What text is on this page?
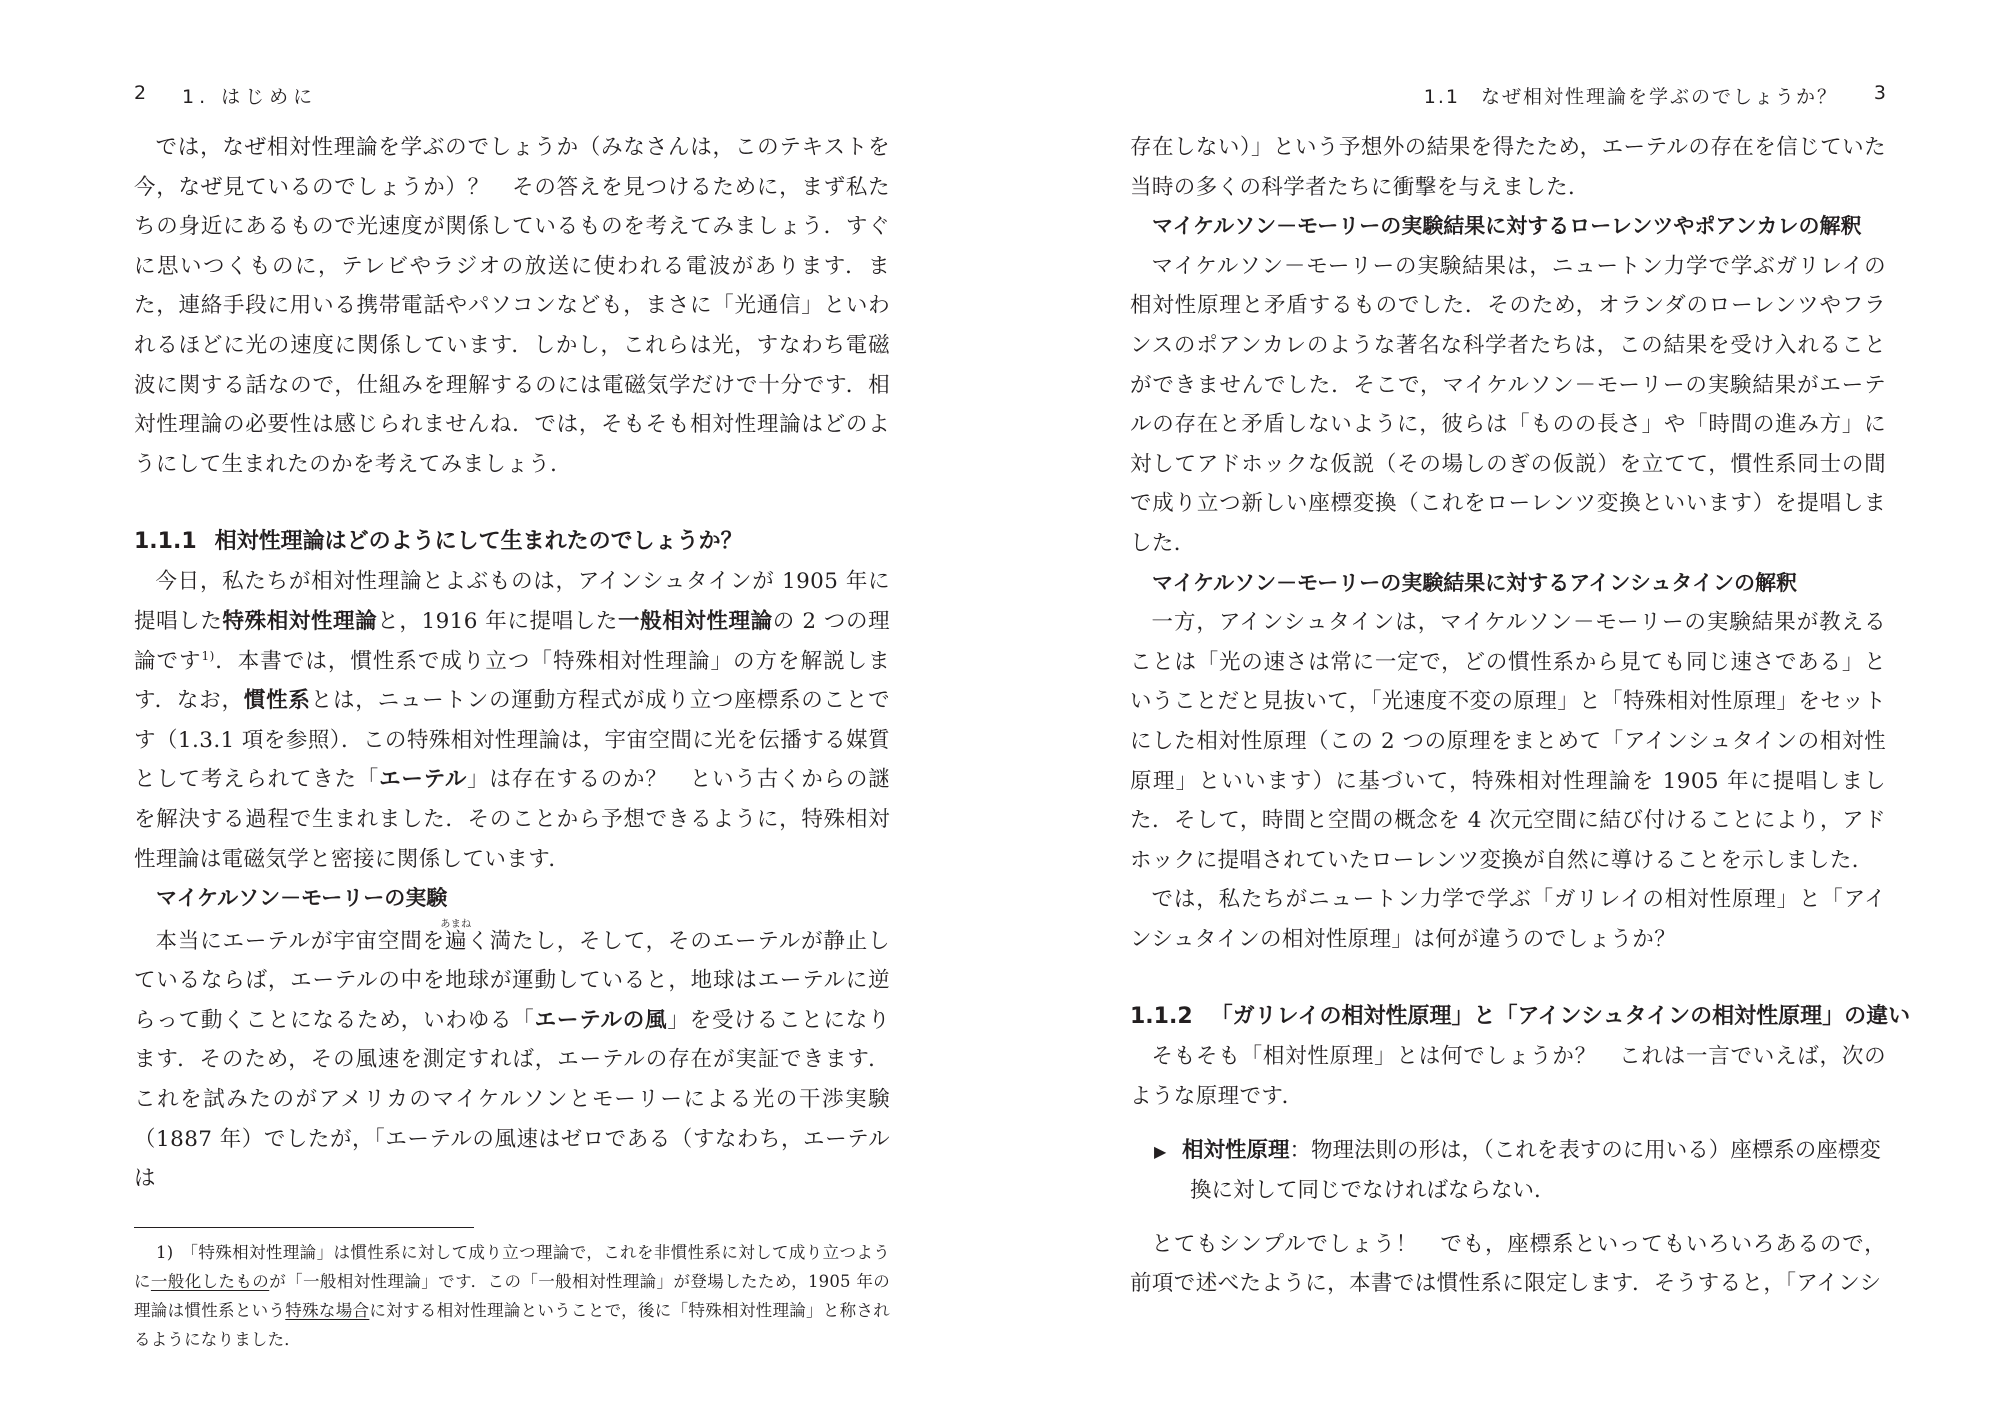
2 1. はじめに

では，なぜ相対性理論を学ぶのでしょうか（みなさんは，このテキストを今，なぜ見ているのでしょうか）？　その答えを見つけるために，まず私たちの身近にあるもので光速度が関係しているものを考えてみましょう．すぐに思いつくものに，テレビやラジオの放送に使われる電波があります．また，連絡手段に用いる携帯電話やパソコンなども，まさに「光通信」といわれるほどに光の速度に関係しています．しかし，これらは光，すなわち電磁波に関する話なので，仕組みを理解するのには電磁気学だけで十分です．相対性理論の必要性は感じられませんね．では，そもそも相対性理論はどのようにして生まれたのかを考えてみましょう．

1.1.1 相対性理論はどのようにして生まれたのでしょうか？

今日，私たちが相対性理論とよぶものは，アインシュタインが 1905 年に提唱した特殊相対性理論と，1916 年に提唱した一般相対性理論の 2 つの理論です$^{1)}$．本書では，慣性系で成り立つ「特殊相対性理論」の方を解説します．なお，慣性系とは，ニュートンの運動方程式が成り立つ座標系のことです（1.3.1 項を参照）．この特殊相対性理論は，宇宙空間に光を伝播する媒質として考えられてきた「エーテル」は存在するのか？　という古くからの謎を解決する過程で生まれました．そのことから予想できるように，特殊相対性理論は電磁気学と密接に関係しています．

マイケルソン－モーリーの実験

本当にエーテルが宇宙空間を遍あまねく満たし，そして，そのエーテルが静止しているならば，エーテルの中を地球が運動していると，地球はエーテルに逆らって動くことになるため，いわゆる「エーテルの風」を受けることになります．そのため，その風速を測定すれば，エーテルの存在が実証できます．これを試みたのがアメリカのマイケルソンとモーリーによる光の干渉実験（1887 年）でしたが，「エーテルの風速はゼロである（すなわち，エーテルは

1) 「特殊相対性理論」は慣性系に対して成り立つ理論で，これを非慣性系に対して成り立つように一般化したものが「一般相対性理論」です．この「一般相対性理論」が登場したため，1905 年の理論は慣性系という特殊な場合に対する相対性理論ということで，後に「特殊相対性理論」と称されるようになりました．

1.1　なぜ相対性理論を学ぶのでしょうか？ 3

存在しない）」という予想外の結果を得たため，エーテルの存在を信じていた当時の多くの科学者たちに衝撃を与えました．

マイケルソン－モーリーの実験結果に対するローレンツやポアンカレの解釈

マイケルソン－モーリーの実験結果は，ニュートン力学で学ぶガリレイの相対性原理と矛盾するものでした．そのため，オランダのローレンツやフランスのポアンカレのような著名な科学者たちは，この結果を受け入れることができませんでした．そこで，マイケルソン－モーリーの実験結果がエーテルの存在と矛盾しないように，彼らは「ものの長さ」や「時間の進み方」に対してアドホックな仮説（その場しのぎの仮説）を立てて，慣性系同士の間で成り立つ新しい座標変換（これをローレンツ変換といいます）を提唱しました．

マイケルソン－モーリーの実験結果に対するアインシュタインの解釈

一方，アインシュタインは，マイケルソン－モーリーの実験結果が教えることは「光の速さは常に一定で，どの慣性系から見ても同じ速さである」ということだと見抜いて，「光速度不変の原理」と「特殊相対性原理」をセットにした相対性原理（この 2 つの原理をまとめて「アインシュタインの相対性原理」といいます）に基づいて，特殊相対性理論を 1905 年に提唱しました．そして，時間と空間の概念を 4 次元空間に結び付けることにより，アドホックに提唱されていたローレンツ変換が自然に導けることを示しました．

では，私たちがニュートン力学で学ぶ「ガリレイの相対性原理」と「アインシュタインの相対性原理」は何が違うのでしょうか？

1.1.2 「ガリレイの相対性原理」と「アインシュタインの相対性原理」の違い

そもそも「相対性原理」とは何でしょうか？　これは一言でいえば，次のような原理です．

▶ 相対性原理：物理法則の形は，（これを表すのに用いる）座標系の座標変換に対して同じでなければならない．

とてもシンプルでしょう！　でも，座標系といってもいろいろあるので，前項で述べたように，本書では慣性系に限定します．そうすると，「アインシ
